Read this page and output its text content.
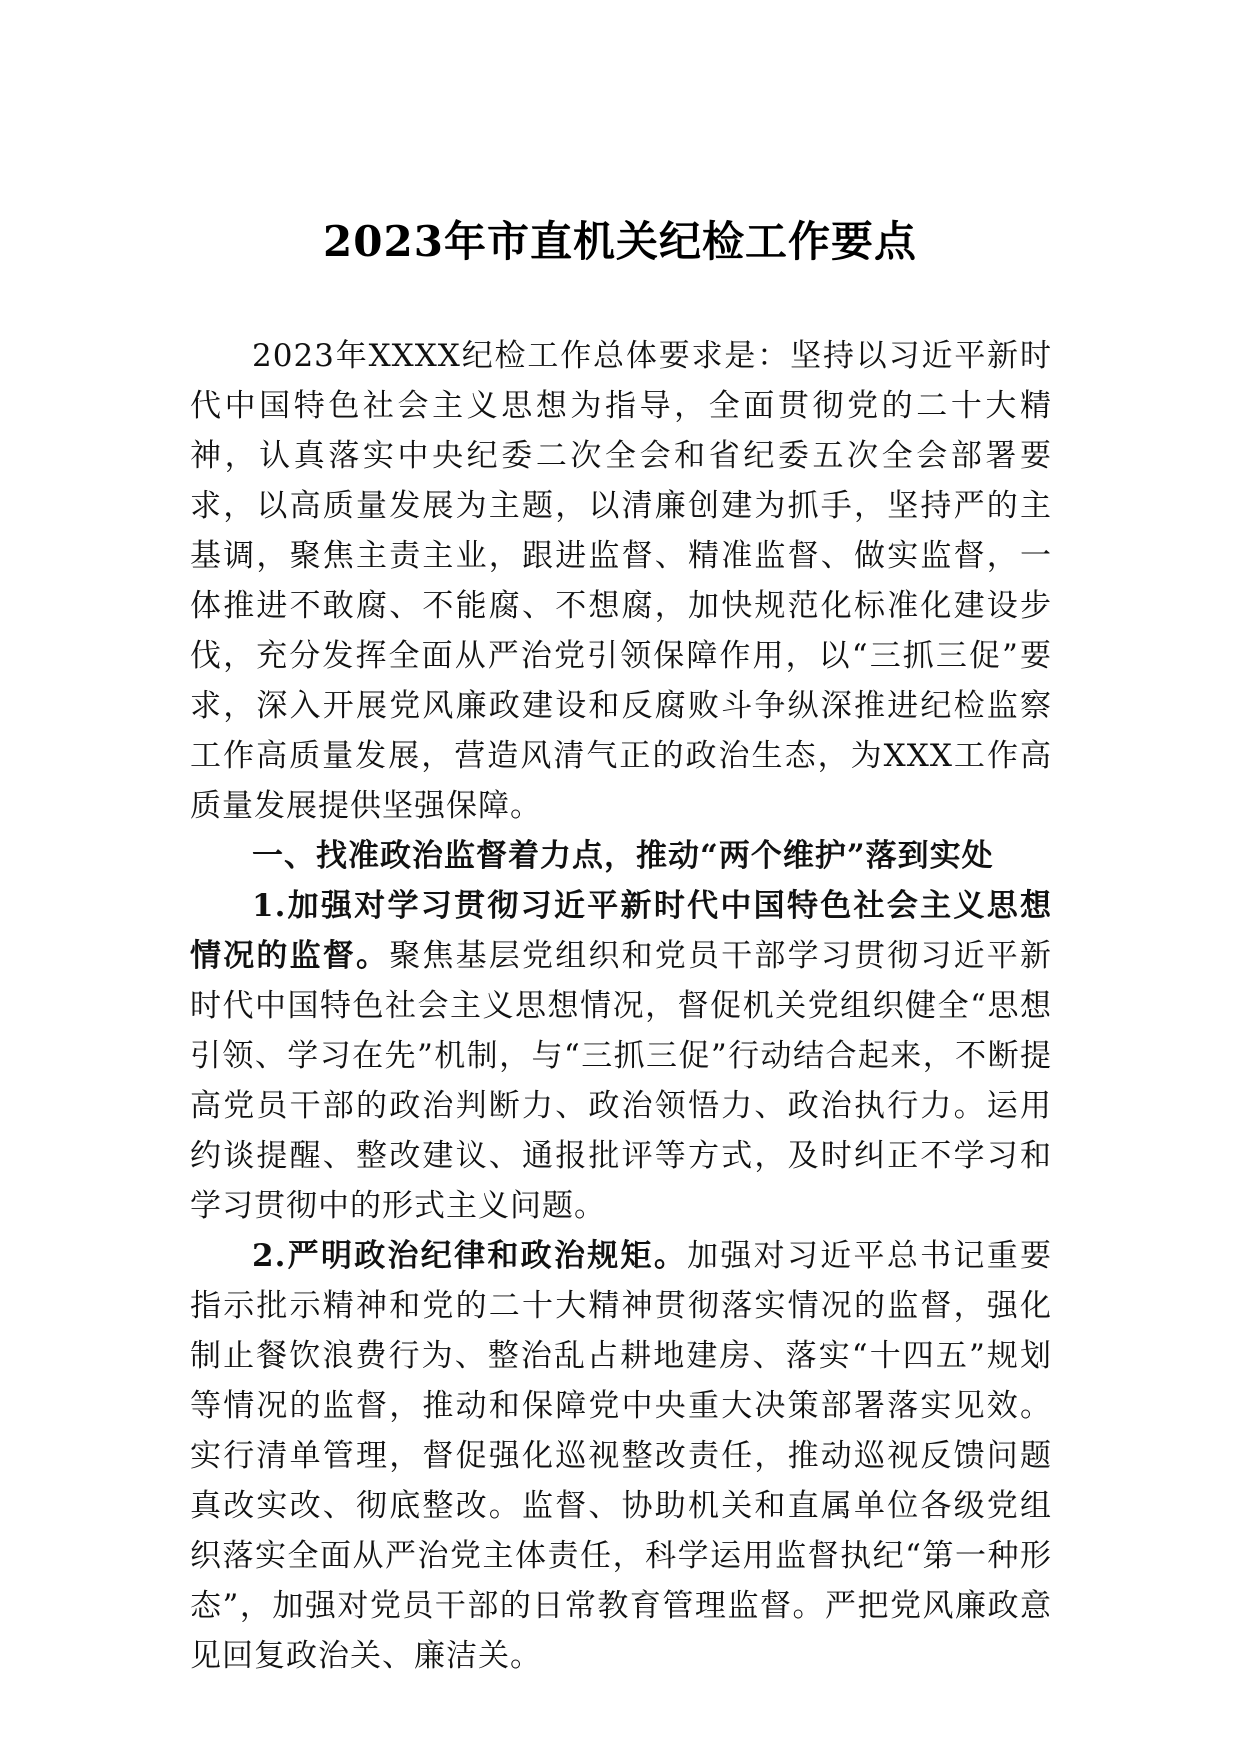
2023年市直机关纪检工作要点

2023年XXXX纪检工作总体要求是：坚持以习近平新时代中国特色社会主义思想为指导，全面贯彻党的二十大精神，认真落实中央纪委二次全会和省纪委五次全会部署要求，以高质量发展为主题，以清廉创建为抓手，坚持严的主基调，聚焦主责主业，跟进监督、精准监督、做实监督，一体推进不敢腐、不能腐、不想腐，加快规范化标准化建设步伐，充分发挥全面从严治党引领保障作用，以“三抓三促”要求，深入开展党风廉政建设和反腐败斗争纵深推进纪检监察工作高质量发展，营造风清气正的政治生态，为XXX工作高质量发展提供坚强保障。

一、找准政治监督着力点，推动“两个维护”落到实处

1.加强对学习贯彻习近平新时代中国特色社会主义思想情况的监督。聚焦基层党组织和党员干部学习贯彻习近平新时代中国特色社会主义思想情况，督促机关党组织健全“思想引领、学习在先”机制，与“三抓三促”行动结合起来，不断提高党员干部的政治判断力、政治领悟力、政治执行力。运用约谈提醒、整改建议、通报批评等方式，及时纠正不学习和学习贯彻中的形式主义问题。

2.严明政治纪律和政治规矩。加强对习近平总书记重要指示批示精神和党的二十大精神贯彻落实情况的监督，强化制止餐饮浪费行为、整治乱占耕地建房、落实“十四五”规划等情况的监督，推动和保障党中央重大决策部署落实见效。实行清单管理，督促强化巡视整改责任，推动巡视反馈问题真改实改、彻底整改。监督、协助机关和直属单位各级党组织落实全面从严治党主体责任，科学运用监督执纪“第一种形态”，加强对党员干部的日常教育管理监督。严把党风廉政意见回复政治关、廉洁关。
